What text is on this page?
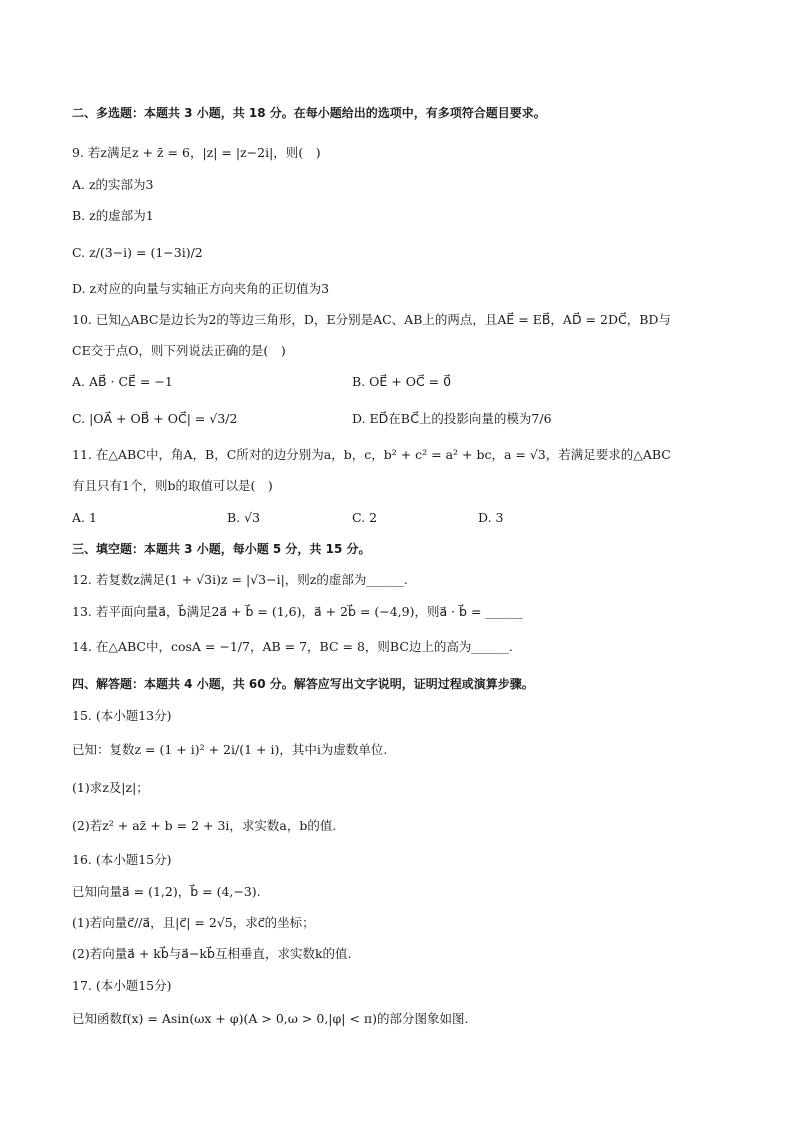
二、多选题：本题共 3 小题，共 18 分。在每小题给出的选项中，有多项符合题目要求。
9. 若z满足z + z̄ = 6，|z| = |z−2i|，则(　)
A. z的实部为3
B. z的虚部为1
C. z/(3−i) = (1−3i)/2
D. z对应的向量与实轴正方向夹角的正切值为3
10. 已知△ABC是边长为2的等边三角形，D，E分别是AC、AB上的两点，且AE⃗ = EB⃗，AD⃗ = 2DC⃗，BD与
CE交于点O，则下列说法正确的是(　)
A. AB⃗ · CE⃗ = −1	B. OE⃗ + OC⃗ = 0⃗
C. |OA⃗ + OB⃗ + OC⃗| = √3/2	D. ED⃗在BC⃗上的投影向量的模为7/6
11. 在△ABC中，角A，B，C所对的边分别为a，b，c，b² + c² = a² + bc，a = √3，若满足要求的△ABC
有且只有1个，则b的取值可以是(　)
A. 1	B. √3	C. 2	D. 3
三、填空题：本题共 3 小题，每小题 5 分，共 15 分。
12. 若复数z满足(1 + √3i)z = |√3−i|，则z的虚部为______.
13. 若平面向量a⃗，b⃗满足2a⃗ + b⃗ = (1,6)，a⃗ + 2b⃗ = (−4,9)，则a⃗ · b⃗ = ______
14. 在△ABC中，cosA = −1/7，AB = 7，BC = 8，则BC边上的高为______.
四、解答题：本题共 4 小题，共 60 分。解答应写出文字说明，证明过程或演算步骤。
15. (本小题13分)
已知：复数z = (1 + i)² + 2i/(1 + i)，其中i为虚数单位.
(1)求z及|z|；
(2)若z² + az̄ + b = 2 + 3i，求实数a，b的值.
16. (本小题15分)
已知向量a⃗ = (1,2)，b⃗ = (4,−3).
(1)若向量c⃗//a⃗，且|c⃗| = 2√5，求c⃗的坐标；
(2)若向量a⃗ + kb⃗与a⃗−kb⃗互相垂直，求实数k的值.
17. (本小题15分)
已知函数f(x) = Asin(ωx + φ)(A > 0,ω > 0,|φ| < π)的部分图象如图.
